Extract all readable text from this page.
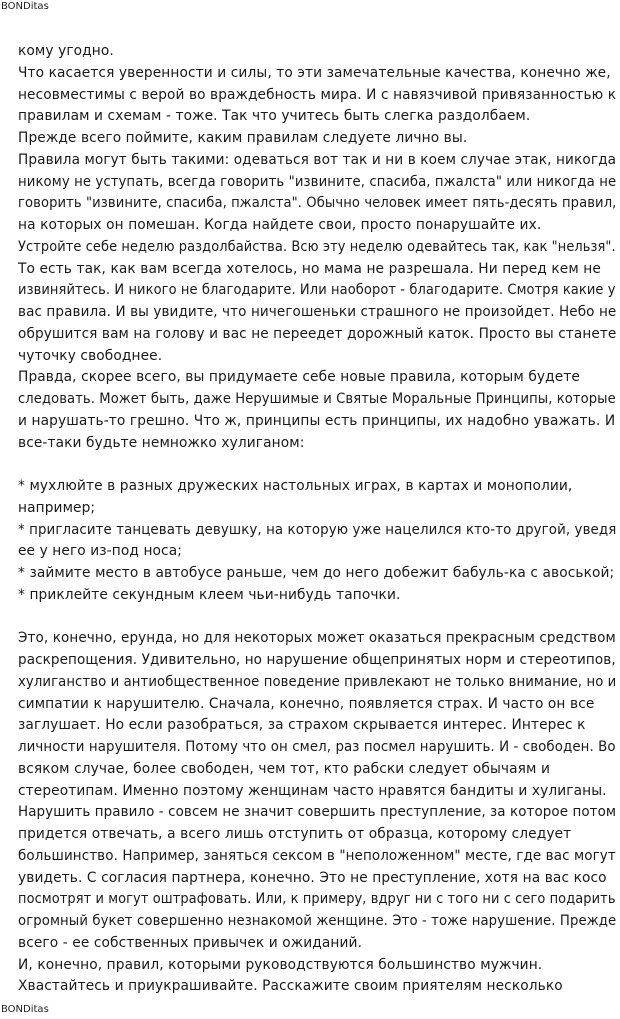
BONDitas
кому угодно.
Что касается уверенности и силы, то эти замечательные качества, конечно же,
несовместимы с верой во враждебность мира. И с навязчивой привязанностью к
правилам и схемам - тоже. Так что учитесь быть слегка раздолбаем.
Прежде всего поймите, каким правилам следуете лично вы.
Правила могут быть такими: одеваться вот так и ни в коем случае этак, никогда
никому не уступать, всегда говорить "извините, спасиба, пжалста" или никогда не
говорить "извините, спасиба, пжалста". Обычно человек имеет пять-десять правил,
на которых он помешан. Когда найдете свои, просто понарушайте их.
Устройте себе неделю раздолбайства. Всю эту неделю одевайтесь так, как "нельзя".
То есть так, как вам всегда хотелось, но мама не разрешала. Ни перед кем не
извиняйтесь. И никого не благодарите. Или наоборот - благодарите. Смотря какие у
вас правила. И вы увидите, что ничегошеньки страшного не произойдет. Небо не
обрушится вам на голову и вас не переедет дорожный каток. Просто вы станете
чуточку свободнее.
Правда, скорее всего, вы придумаете себе новые правила, которым будете
следовать. Может быть, даже Нерушимые и Святые Моральные Принципы, которые
и нарушать-то грешно. Что ж, принципы есть принципы, их надобно уважать. И
все-таки будьте немножко хулиганом:
* мухлюйте в разных дружеских настольных играх, в картах и монополии,
например;
* пригласите танцевать девушку, на которую уже нацелился кто-то другой, уведя
ее у него из-под носа;
* займите место в автобусе раньше, чем до него добежит бабуль-ка с авоськой;
* приклейте секундным клеем чьи-нибудь тапочки.
Это, конечно, ерунда, но для некоторых может оказаться прекрасным средством
раскрепощения. Удивительно, но нарушение общепринятых норм и стереотипов,
хулиганство и антиобщественное поведение привлекают не только внимание, но и
симпатии к нарушителю. Сначала, конечно, появляется страх. И часто он все
заглушает. Но если разобраться, за страхом скрывается интерес. Интерес к
личности нарушителя. Потому что он смел, раз посмел нарушить. И - свободен. Во
всяком случае, более свободен, чем тот, кто рабски следует обычаям и
стереотипам. Именно поэтому женщинам часто нравятся бандиты и хулиганы.
Нарушить правило - совсем не значит совершить преступление, за которое потом
придется отвечать, а всего лишь отступить от образца, которому следует
большинство. Например, заняться сексом в "неположенном" месте, где вас могут
увидеть. С согласия партнера, конечно. Это не преступление, хотя на вас косо
посмотрят и могут оштрафовать. Или, к примеру, вдруг ни с того ни с сего подарить
огромный букет совершенно незнакомой женщине. Это - тоже нарушение. Прежде
всего - ее собственных привычек и ожиданий.
И, конечно, правил, которыми руководствуются большинство мужчин.
Хвастайтесь и приукрашивайте. Расскажите своим приятелям несколько
BONDitas
